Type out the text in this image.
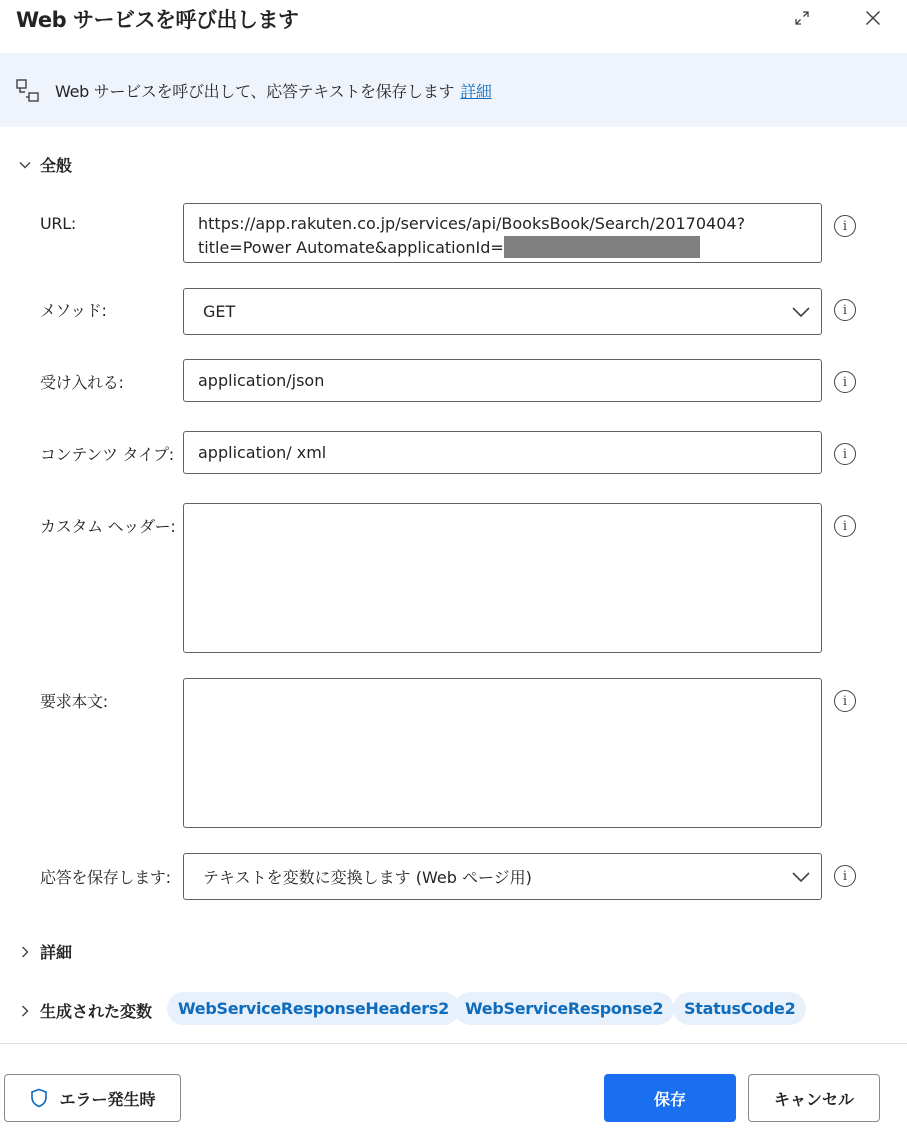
Web サービスを呼び出します
Web サービスを呼び出して、応答テキストを保存します 詳細
全般
URL:	https://app.rakuten.co.jp/services/api/BooksBook/Search/20170404?
title=Power Automate&applicationId=
i
メソッド:	GET	i
受け入れる:	application/json	i
コンテンツ タイプ: application/ xml	i
カスタム ヘッダー:	i
要求本文:	i
応答を保存します: テキストを変数に変換します (Web ページ用)	i
詳細
生成された変数	WebServiceResponseHeaders2	WebServiceResponse2	StatusCode2
エラー発生時	保存	キャンセル
